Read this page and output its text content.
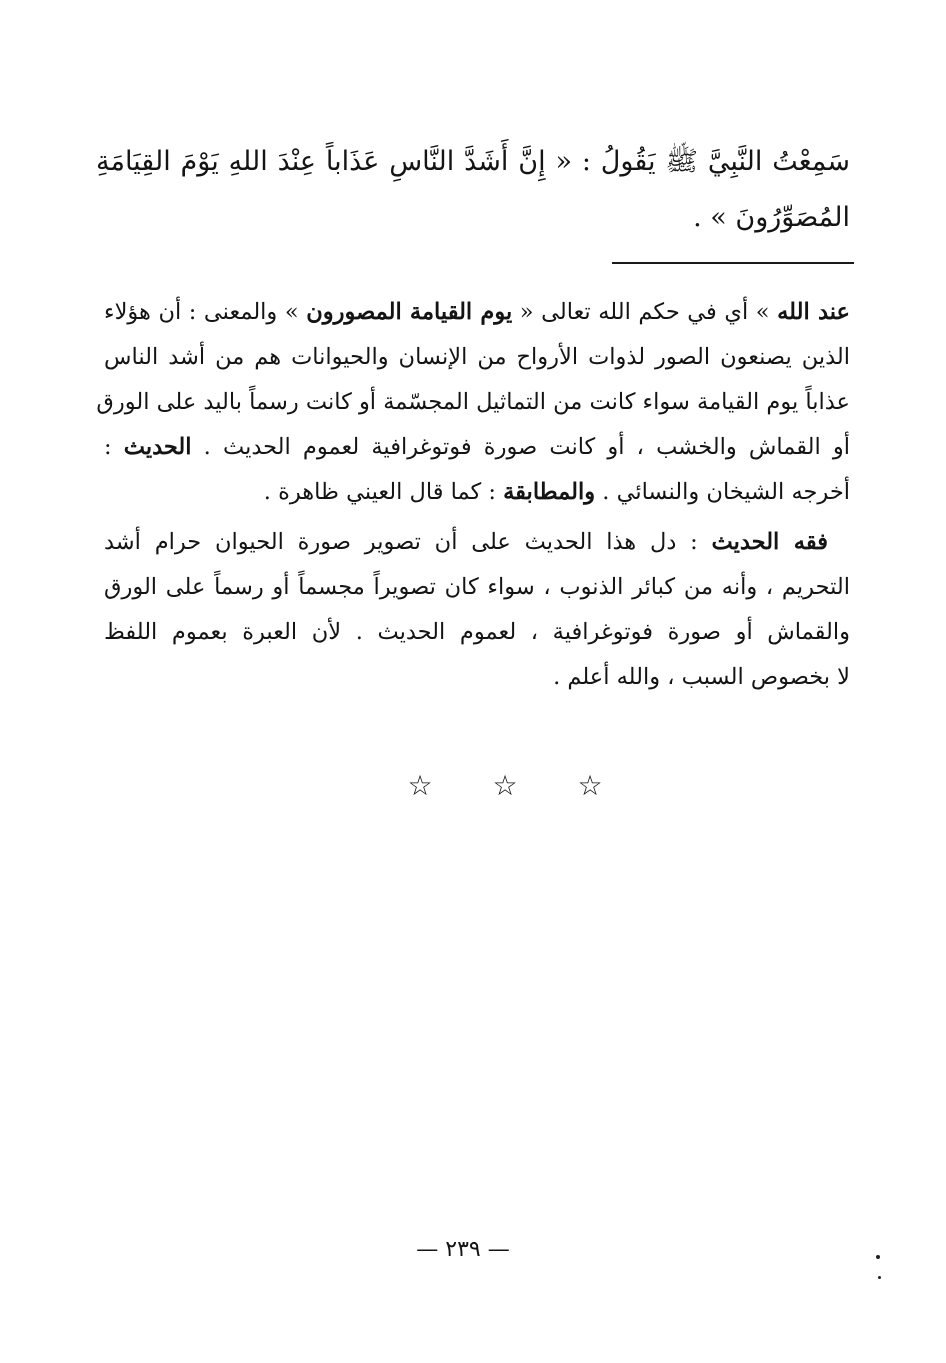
سَمِعْتُ النَّبِيَّ ﷺ يَقُولُ : « إِنَّ أَشَدَّ النَّاسِ عَذَاباً عِنْدَ اللهِ يَوْمَ القِيَامَةِ
المُصَوِّرُونَ » .
عند الله » أي في حكم الله تعالى « يوم القيامة المصورون » والمعنى : أن هؤلاء
الذين يصنعون الصور لذوات الأرواح من الإنسان والحيوانات هم من أشد الناس
عذاباً يوم القيامة سواء كانت من التماثيل المجسّمة أو كانت رسماً باليد على الورق
أو القماش والخشب ، أو كانت صورة فوتوغرافية لعموم الحديث . الحديث :
أخرجه الشيخان والنسائي . والمطابقة : كما قال العيني ظاهرة .
فقه الحديث : دل هذا الحديث على أن تصوير صورة الحيوان حرام أشد
التحريم ، وأنه من كبائر الذنوب ، سواء كان تصويراً مجسماً أو رسماً على الورق
والقماش أو صورة فوتوغرافية ، لعموم الحديث . لأن العبرة بعموم اللفظ
لا بخصوص السبب ، والله أعلم .
☆ ☆ ☆
— ٢٣٩ —
